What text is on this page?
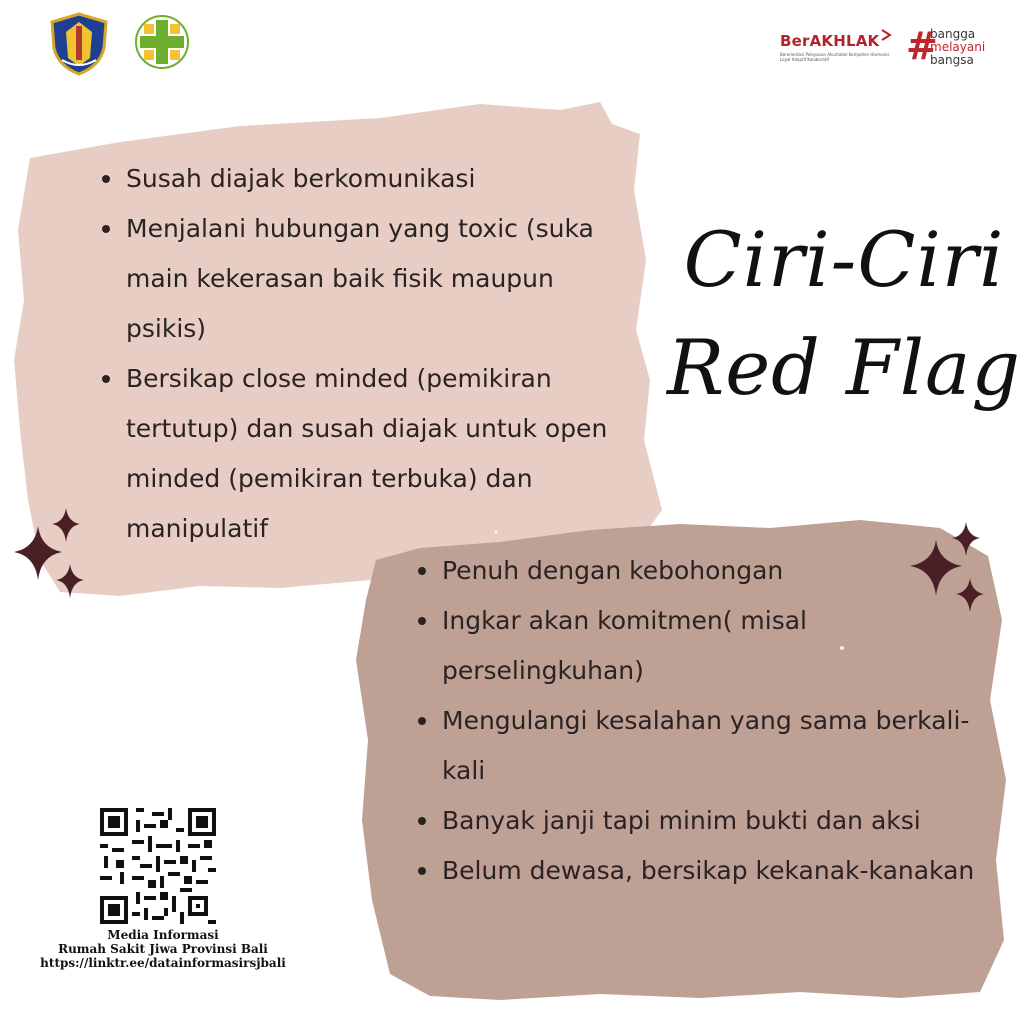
BerAKHLAK
Berorientasi Pelayanan Akuntabel Kompeten Harmonis Loyal Adaptif Kolaboratif	#
bangga
melayani
bangsa
Susah diajak berkomunikasi
Menjalani hubungan yang toxic (suka main kekerasan baik fisik maupun psikis)
Bersikap close minded (pemikiran tertutup) dan susah diajak untuk open minded (pemikiran terbuka) dan manipulatif
Ciri-Ciri
Red Flag
Penuh dengan kebohongan
Ingkar akan komitmen( misal perselingkuhan)
Mengulangi kesalahan yang sama berkali-kali
Banyak janji tapi minim bukti dan aksi
Belum dewasa, bersikap kekanak-kanakan
Media Informasi
Rumah Sakit Jiwa Provinsi Bali
https://linktr.ee/datainformasirsjbali
